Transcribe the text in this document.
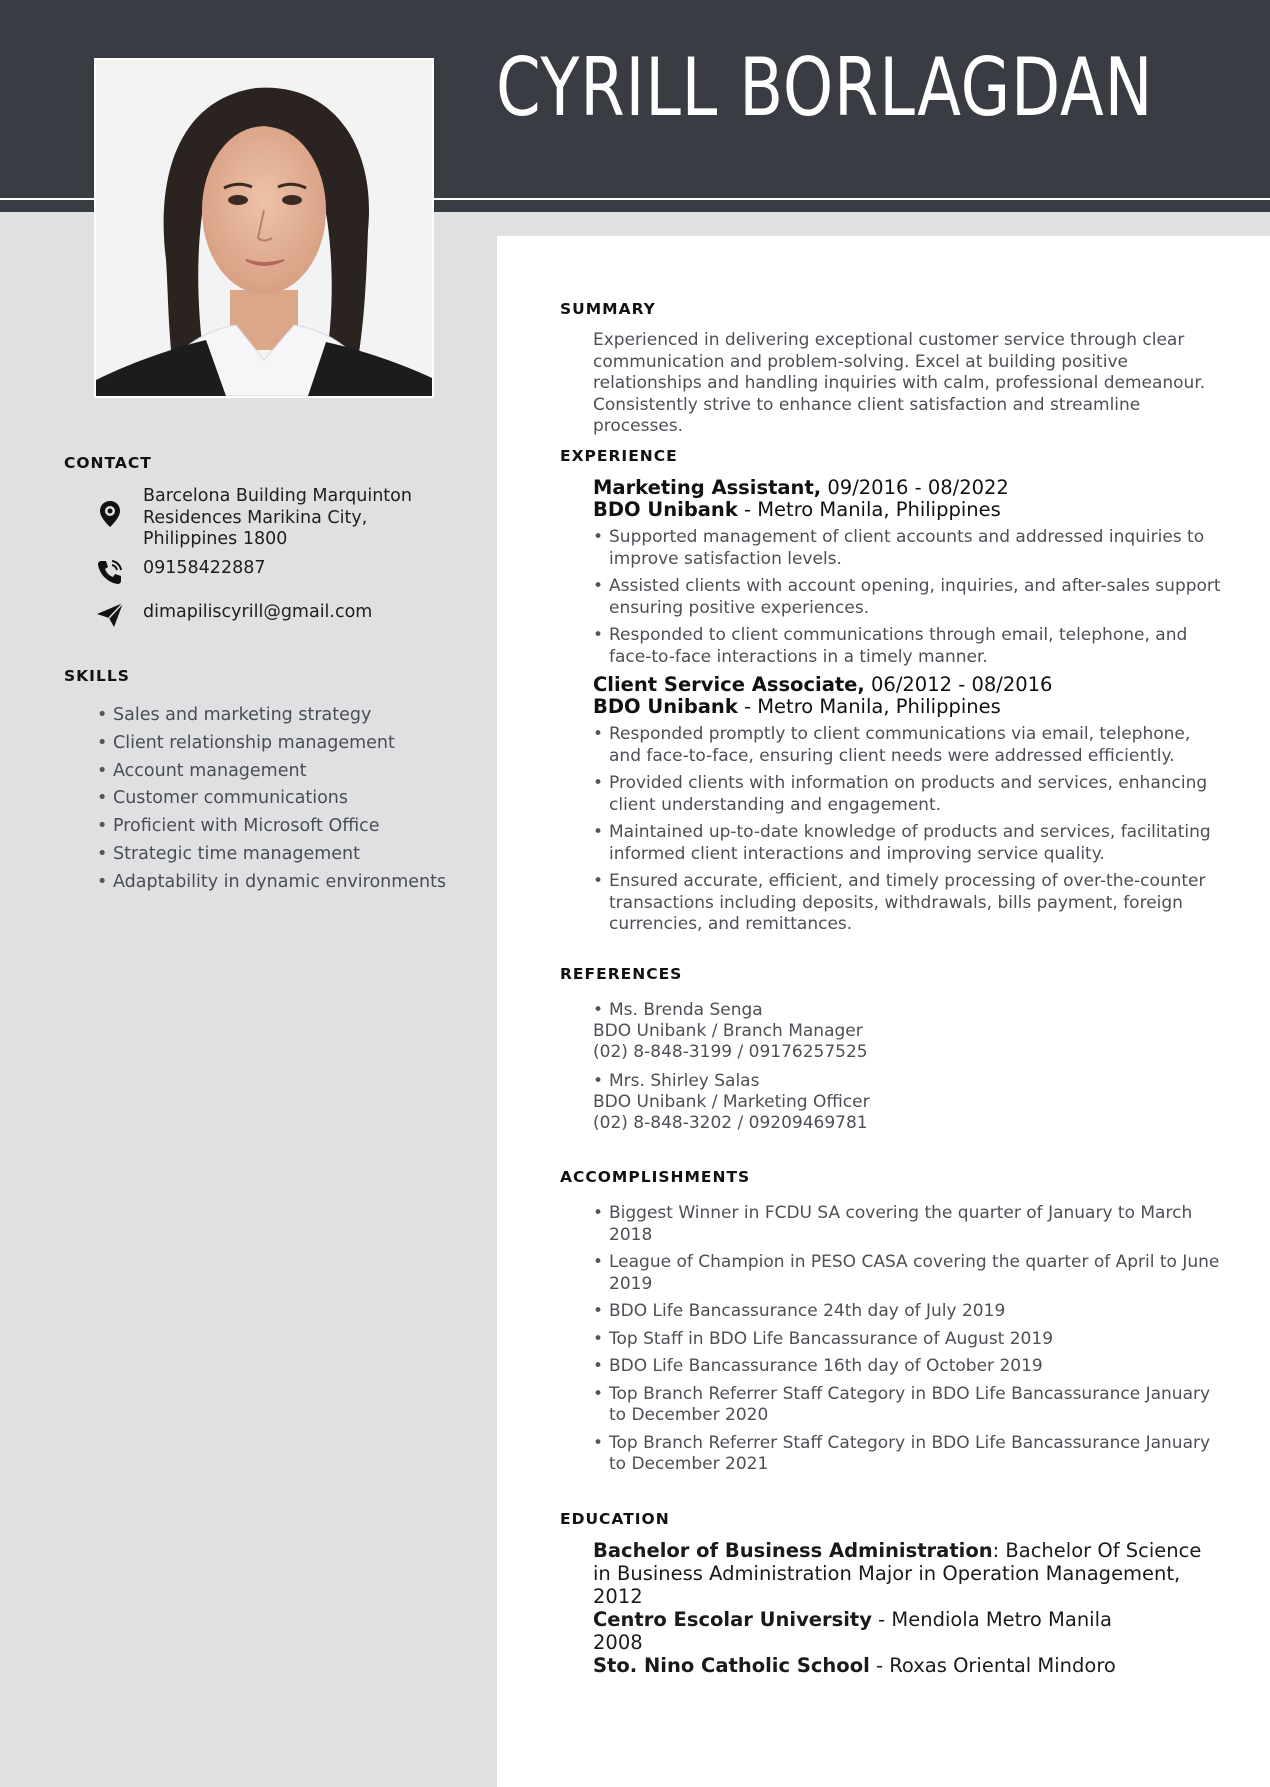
CYRILL BORLAGDAN
CONTACT
Barcelona Building Marquinton Residences Marikina City, Philippines 1800
09158422887
dimapiliscyrill@gmail.com
SKILLS
• Sales and marketing strategy
• Client relationship management
• Account management
• Customer communications
• Proficient with Microsoft Office
• Strategic time management
• Adaptability in dynamic environments
SUMMARY

Experienced in delivering exceptional customer service through clear communication and problem-solving. Excel at building positive relationships and handling inquiries with calm, professional demeanour. Consistently strive to enhance client satisfaction and streamline processes.

EXPERIENCE
Marketing Assistant, 09/2016 - 08/2022
BDO Unibank - Metro Manila, Philippines
• Supported management of client accounts and addressed inquiries to improve satisfaction levels.
• Assisted clients with account opening, inquiries, and after-sales support ensuring positive experiences.
• Responded to client communications through email, telephone, and face-to-face interactions in a timely manner.
Client Service Associate, 06/2012 - 08/2016
BDO Unibank - Metro Manila, Philippines
• Responded promptly to client communications via email, telephone, and face-to-face, ensuring client needs were addressed efficiently.
• Provided clients with information on products and services, enhancing client understanding and engagement.
• Maintained up-to-date knowledge of products and services, facilitating informed client interactions and improving service quality.
• Ensured accurate, efficient, and timely processing of over-the-counter transactions including deposits, withdrawals, bills payment, foreign currencies, and remittances.
REFERENCES
• Ms. Brenda Senga
BDO Unibank / Branch Manager
(02) 8-848-3199 / 09176257525
• Mrs. Shirley Salas
BDO Unibank / Marketing Officer
(02) 8-848-3202 / 09209469781
ACCOMPLISHMENTS
• Biggest Winner in FCDU SA covering the quarter of January to March 2018
• League of Champion in PESO CASA covering the quarter of April to June 2019
• BDO Life Bancassurance 24th day of July 2019
• Top Staff in BDO Life Bancassurance of August 2019
• BDO Life Bancassurance 16th day of October 2019
• Top Branch Referrer Staff Category in BDO Life Bancassurance January to December 2020
• Top Branch Referrer Staff Category in BDO Life Bancassurance January to December 2021
EDUCATION
Bachelor of Business Administration: Bachelor Of Science in Business Administration Major in Operation Management, 2012
Centro Escolar University - Mendiola Metro Manila
2008
Sto. Nino Catholic School - Roxas Oriental Mindoro
